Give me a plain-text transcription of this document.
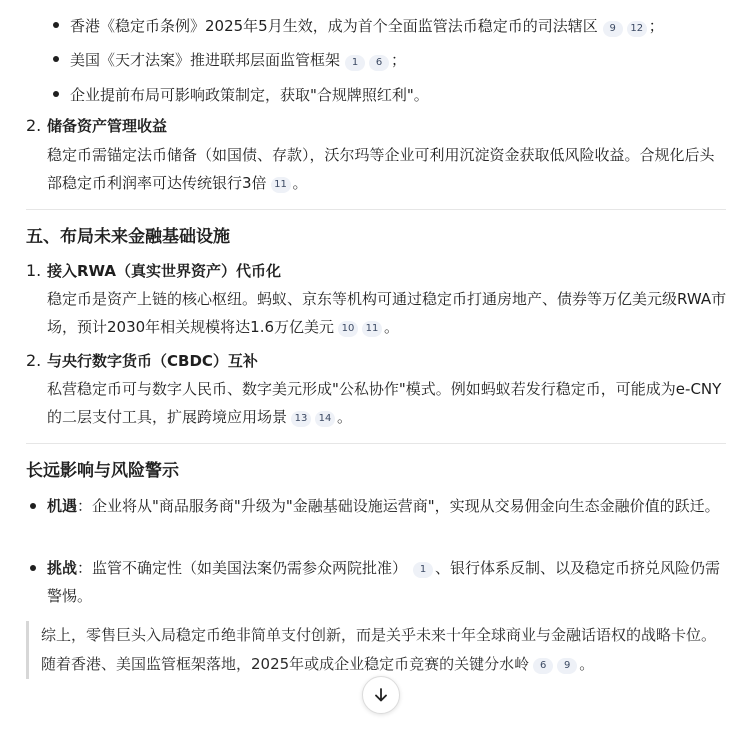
香港《稳定币条例》2025年5月生效，成为首个全面监管法币稳定币的司法辖区	9	12 ；
美国《天才法案》推进联邦层面监管框架	1	6 ；
企业提前布局可影响政策制定，获取"合规牌照红利"。
2. 储备资产管理收益
稳定币需锚定法币储备（如国债、存款），沃尔玛等企业可利用沉淀资金获取低风险收益。合规化后头部稳定币利润率可达传统银行3倍 11 。
五、布局未来金融基础设施
1. 接入RWA（真实世界资产）代币化
稳定币是资产上链的核心枢纽。蚂蚁、京东等机构可通过稳定币打通房地产、债券等万亿美元级RWA市场，预计2030年相关规模将达1.6万亿美元 10 11 。
2. 与央行数字货币（CBDC）互补
私营稳定币可与数字人民币、数字美元形成"公私协作"模式。例如蚂蚁若发行稳定币，可能成为e-CNY的二层支付工具，扩展跨境应用场景 13 14 。
长远影响与风险警示
机遇：企业将从"商品服务商"升级为"金融基础设施运营商"，实现从交易佣金向生态金融价值的跃迁。
挑战：监管不确定性（如美国法案仍需参众两院批准） 1 、银行体系反制、以及稳定币挤兑风险仍需警惕。
综上，零售巨头入局稳定币绝非简单支付创新，而是关乎未来十年全球商业与金融话语权的战略卡位。随着香港、美国监管框架落地，2025年或成企业稳定币竞赛的关键分水岭 6 9 。
